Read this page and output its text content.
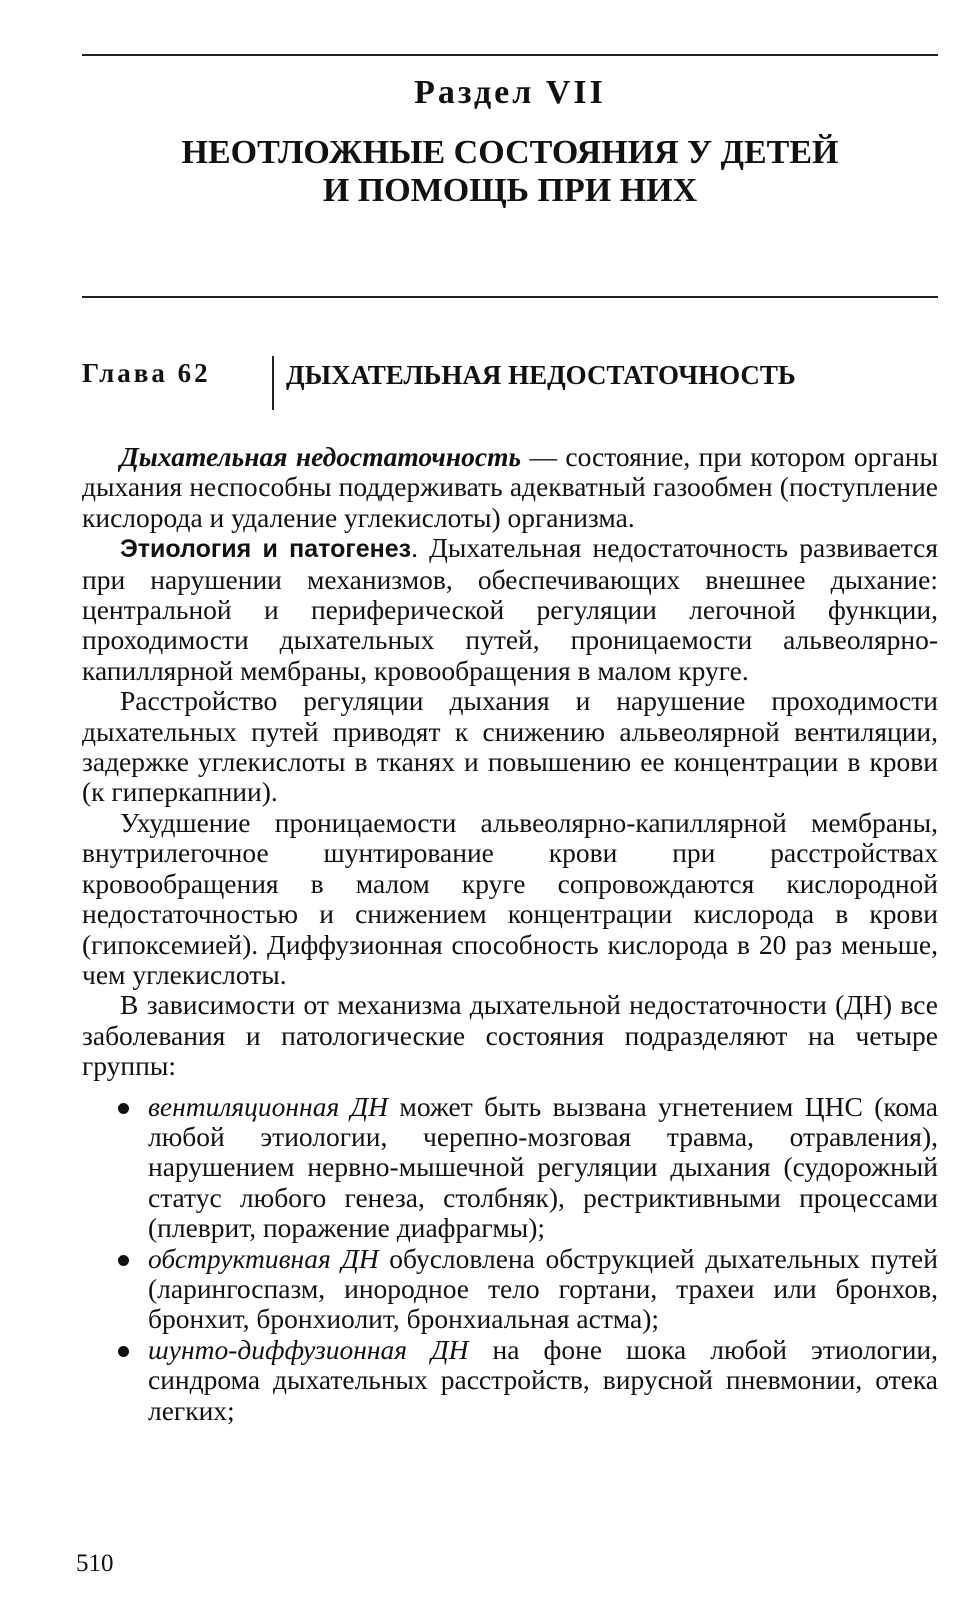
Раздел VII
НЕОТЛОЖНЫЕ СОСТОЯНИЯ У ДЕТЕЙ
И ПОМОЩЬ ПРИ НИХ
Глава 62	ДЫХАТЕЛЬНАЯ НЕДОСТАТОЧНОСТЬ

Дыхательная недостаточность — состояние, при котором органы дыхания неспособны поддерживать адекватный газообмен (поступление кислорода и удаление углекислоты) организма.

Этиология и патогенез. Дыхательная недостаточность развивается при нарушении механизмов, обеспечивающих внешнее дыхание: центральной и периферической регуляции легочной функции, проходимости дыхательных путей, проницаемости альвеолярно-капиллярной мембраны, кровообращения в малом круге.

Расстройство регуляции дыхания и нарушение проходимости дыхательных путей приводят к снижению альвеолярной вентиляции, задержке углекислоты в тканях и повышению ее концентрации в крови (к гиперкапнии).

Ухудшение проницаемости альвеолярно-капиллярной мембраны, внутрилегочное шунтирование крови при расстройствах кровообращения в малом круге сопровождаются кислородной недостаточностью и снижением концентрации кислорода в крови (гипоксемией). Диффузионная способность кислорода в 20 раз меньше, чем углекислоты.

В зависимости от механизма дыхательной недостаточности (ДН) все заболевания и патологические состояния подразделяют на четыре группы:

вентиляционная ДН может быть вызвана угнетением ЦНС (кома любой этиологии, черепно-мозговая травма, отравления), нарушением нервно-мышечной регуляции дыхания (судорожный статус любого генеза, столбняк), рестриктивными процессами (плеврит, поражение диафрагмы);
обструктивная ДН обусловлена обструкцией дыхательных путей (ларингоспазм, инородное тело гортани, трахеи или бронхов, бронхит, бронхиолит, бронхиальная астма);
шунто-диффузионная ДН на фоне шока любой этиологии, синдрома дыхательных расстройств, вирусной пневмонии, отека легких;
510
